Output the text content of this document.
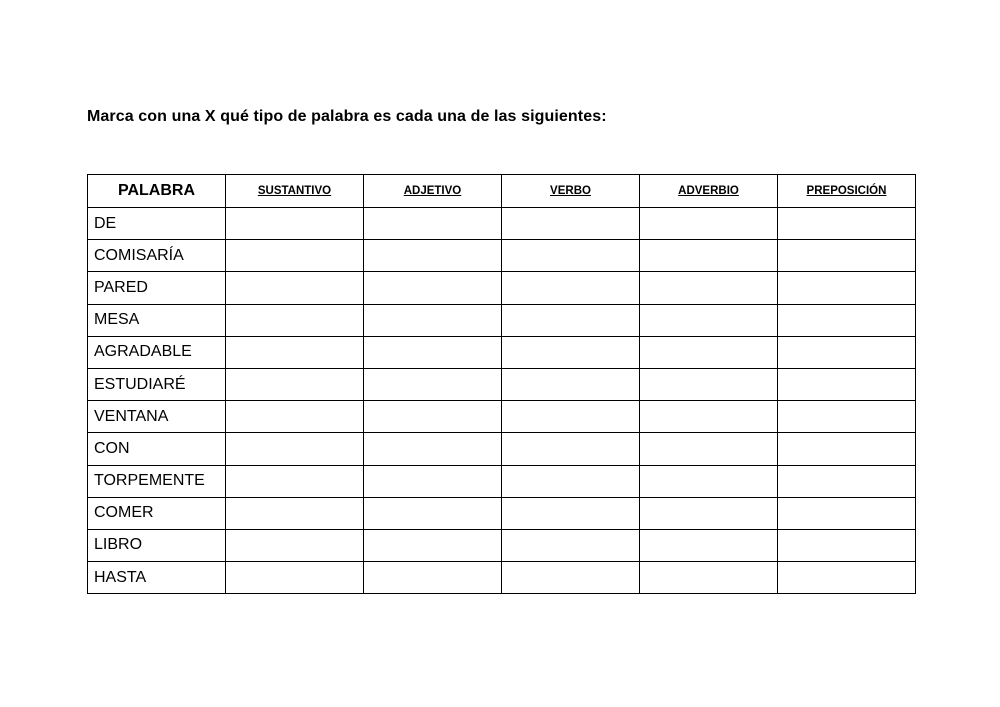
Marca con una X qué tipo de palabra es cada una de las siguientes:
PALABRA	SUSTANTIVO	ADJETIVO	VERBO	ADVERBIO	PREPOSICIÓN
DE					
COMISARÍA					
PARED					
MESA					
AGRADABLE					
ESTUDIARÉ					
VENTANA					
CON					
TORPEMENTE					
COMER					
LIBRO					
HASTA					
